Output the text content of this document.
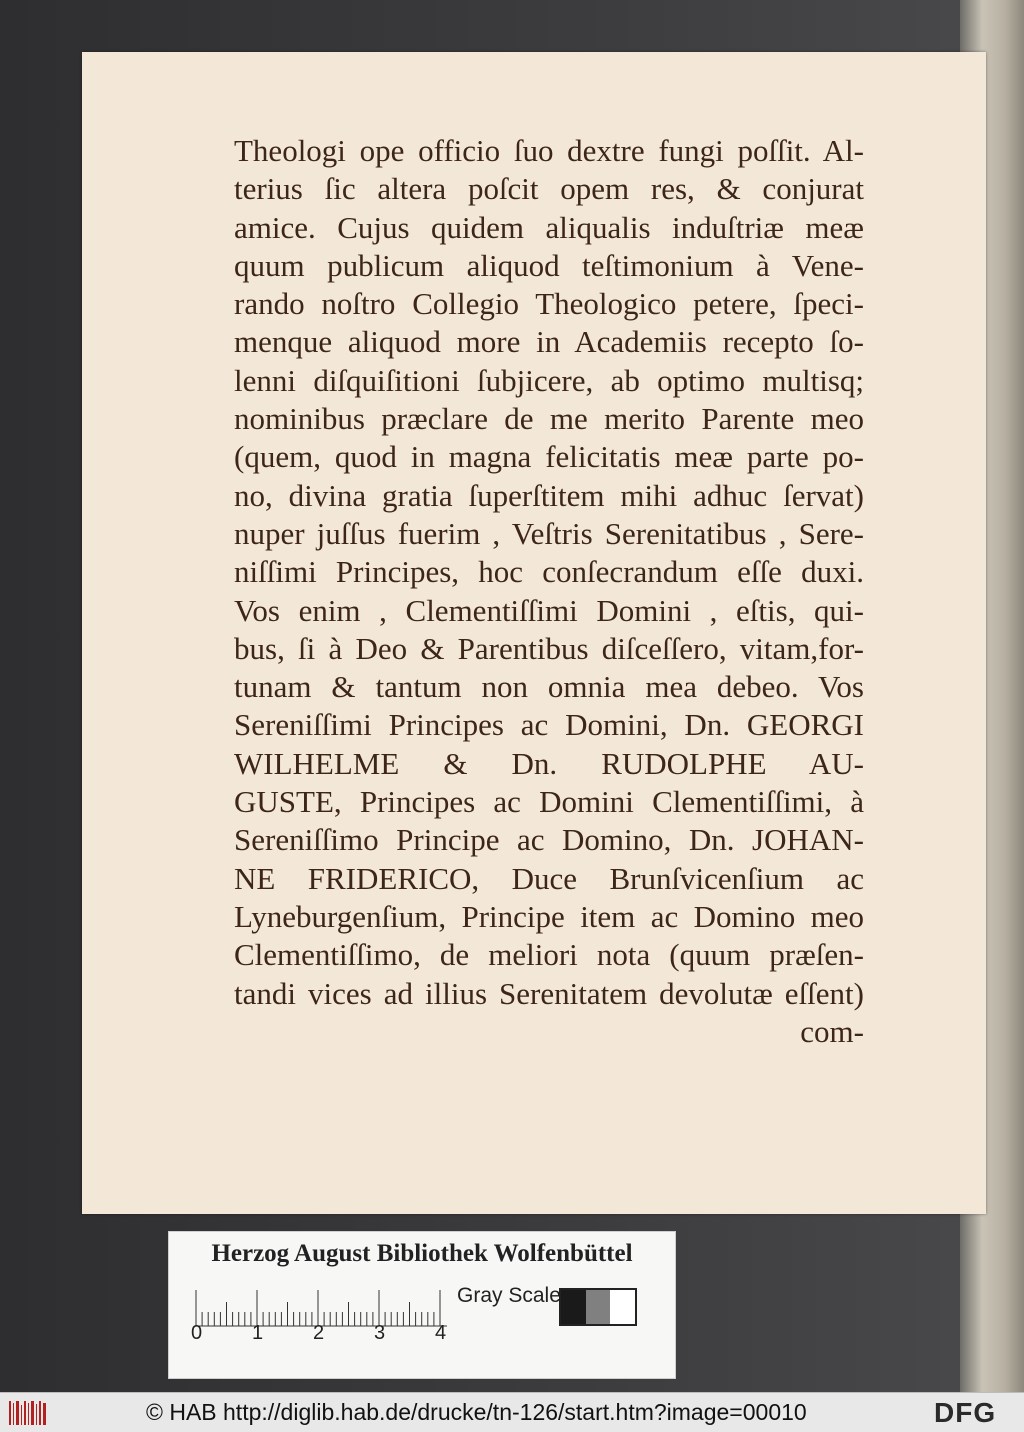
Theologi ope officio ſuo dextre fungi poſſit. Al-
terius ſic altera poſcit opem res, & conjurat
amice. Cujus quidem aliqualis induſtriæ meæ
quum publicum aliquod teſtimonium à Vene-
rando noſtro Collegio Theologico petere, ſpeci-
menque aliquod more in Academiis recepto ſo-
lenni diſquiſitioni ſubjicere, ab optimo multisq;
nominibus præclare de me merito Parente meo
(quem, quod in magna felicitatis meæ parte po-
no, divina gratia ſuperſtitem mihi adhuc ſervat)
nuper juſſus fuerim , Veſtris Serenitatibus , Sere-
niſſimi Principes, hoc conſecrandum eſſe duxi.
Vos enim , Clementiſſimi Domini , eſtis, qui-
bus, ſi à Deo & Parentibus diſceſſero, vitam,for-
tunam & tantum non omnia mea debeo. Vos
Sereniſſimi Principes ac Domini, Dn. GEORGI
WILHELME & Dn. RUDOLPHE AU-
GUSTE, Principes ac Domini Clementiſſimi, à
Sereniſſimo Principe ac Domino, Dn. JOHAN-
NE FRIDERICO, Duce Brunſvicenſium ac
Lyneburgenſium, Principe item ac Domino meo
Clementiſſimo, de meliori nota (quum præſen-
tandi vices ad illius Serenitatem devolutæ eſſent)
com-
Herzog August Bibliothek Wolfenbüttel
0 1 2 3 4
Gray Scale
© HAB http://diglib.hab.de/drucke/tn-126/start.htm?image=00010	DFG
